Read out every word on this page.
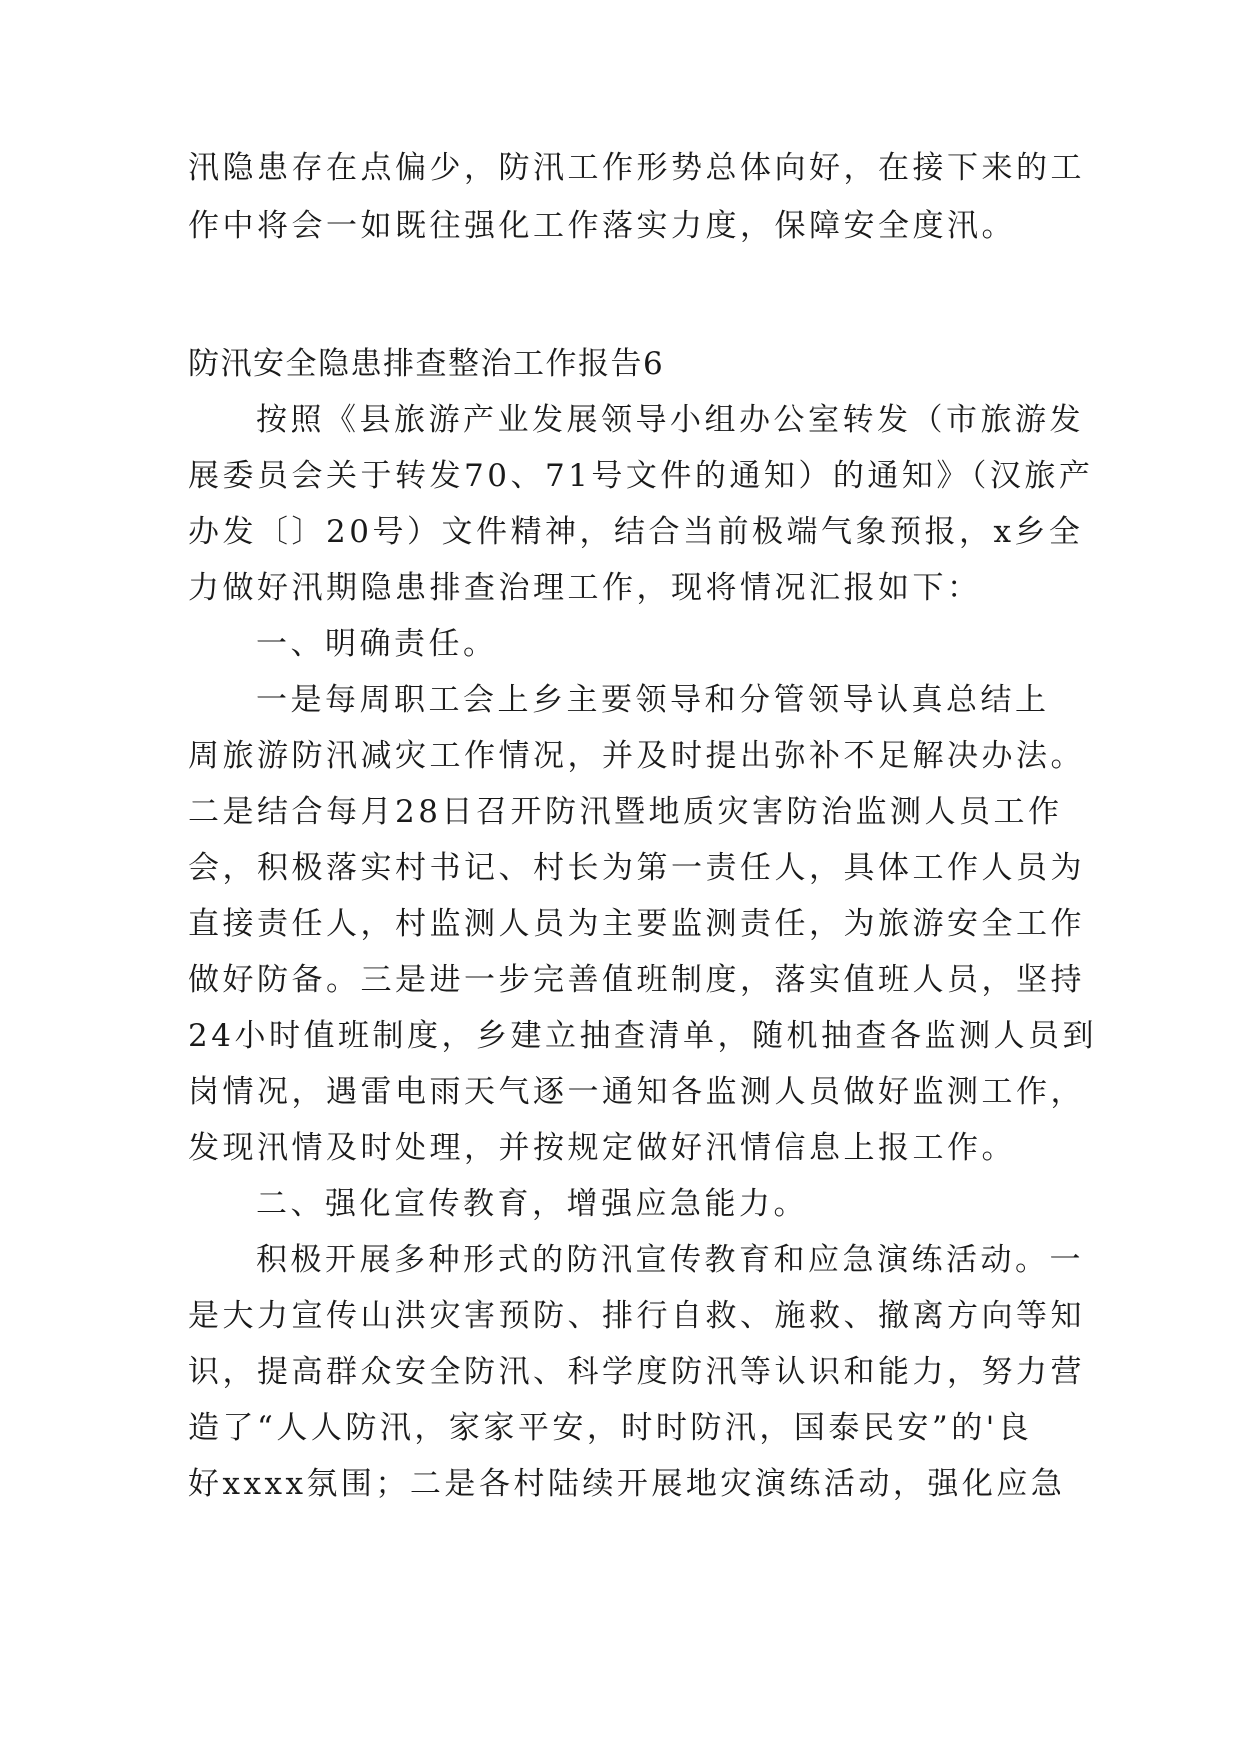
汛隐患存在点偏少，防汛工作形势总体向好，在接下来的工
作中将会一如既往强化工作落实力度，保障安全度汛。
防汛安全隐患排查整治工作报告6
按照《县旅游产业发展领导小组办公室转发（市旅游发
展委员会关于转发70、71号文件的通知）的通知》（汉旅产
办发〔〕20号）文件精神，结合当前极端气象预报，x乡全
力做好汛期隐患排查治理工作，现将情况汇报如下：
一、明确责任。
一是每周职工会上乡主要领导和分管领导认真总结上
周旅游防汛减灾工作情况，并及时提出弥补不足解决办法。
二是结合每月28日召开防汛暨地质灾害防治监测人员工作
会，积极落实村书记、村长为第一责任人，具体工作人员为
直接责任人，村监测人员为主要监测责任，为旅游安全工作
做好防备。三是进一步完善值班制度，落实值班人员，坚持
24小时值班制度，乡建立抽查清单，随机抽查各监测人员到
岗情况，遇雷电雨天气逐一通知各监测人员做好监测工作，
发现汛情及时处理，并按规定做好汛情信息上报工作。
二、强化宣传教育，增强应急能力。
积极开展多种形式的防汛宣传教育和应急演练活动。一
是大力宣传山洪灾害预防、排行自救、施救、撤离方向等知
识，提高群众安全防汛、科学度防汛等认识和能力，努力营
造了“人人防汛，家家平安，时时防汛，国泰民安”的'良
好xxxx氛围；二是各村陆续开展地灾演练活动，强化应急
